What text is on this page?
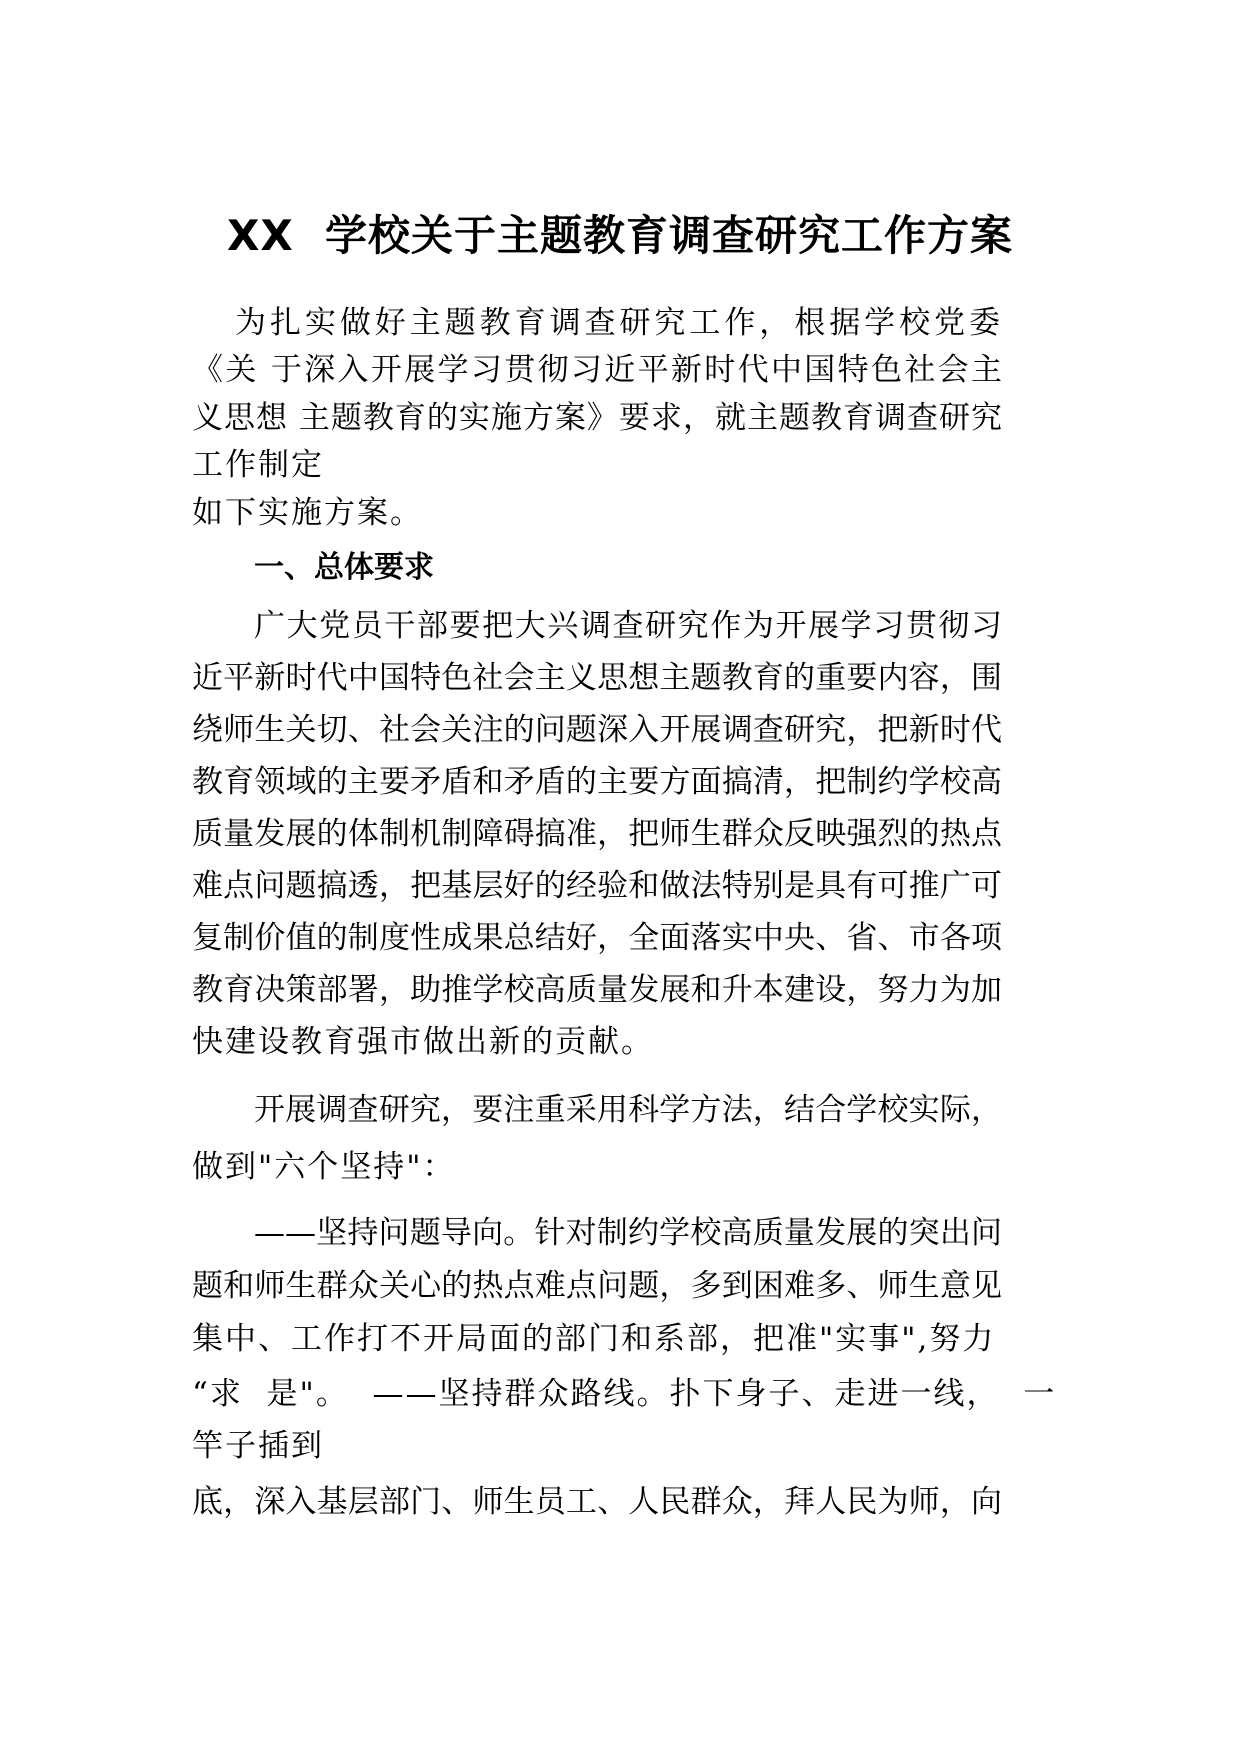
XX  学校关于主题教育调查研究工作方案
为扎实做好主题教育调查研究工作，根据学校党委
《关 于深入开展学习贯彻习近平新时代中国特色社会主
义思想 主题教育的实施方案》要求，就主题教育调查研究
工作制定
如下实施方案。
一、总体要求
广大党员干部要把大兴调查研究作为开展学习贯彻习
近平新时代中国特色社会主义思想主题教育的重要内容，围
绕师生关切、社会关注的问题深入开展调查研究，把新时代
教育领域的主要矛盾和矛盾的主要方面搞清，把制约学校高
质量发展的体制机制障碍搞准，把师生群众反映强烈的热点
难点问题搞透，把基层好的经验和做法特别是具有可推广可
复制价值的制度性成果总结好，全面落实中央、省、市各项
教育决策部署，助推学校高质量发展和升本建设，努力为加
快建设教育强市做出新的贡献。
开展调查研究，要注重采用科学方法，结合学校实际，
做到"六个坚持"：
——坚持问题导向。针对制约学校高质量发展的突出问
题和师生群众关心的热点难点问题，多到困难多、师生意见
集中、工作打不开局面的部门和系部，把准"实事",努力
“求  是"。  ——坚持群众路线。扑下身子、走进一线，  一
竿子插到
底，深入基层部门、师生员工、人民群众，拜人民为师，向
